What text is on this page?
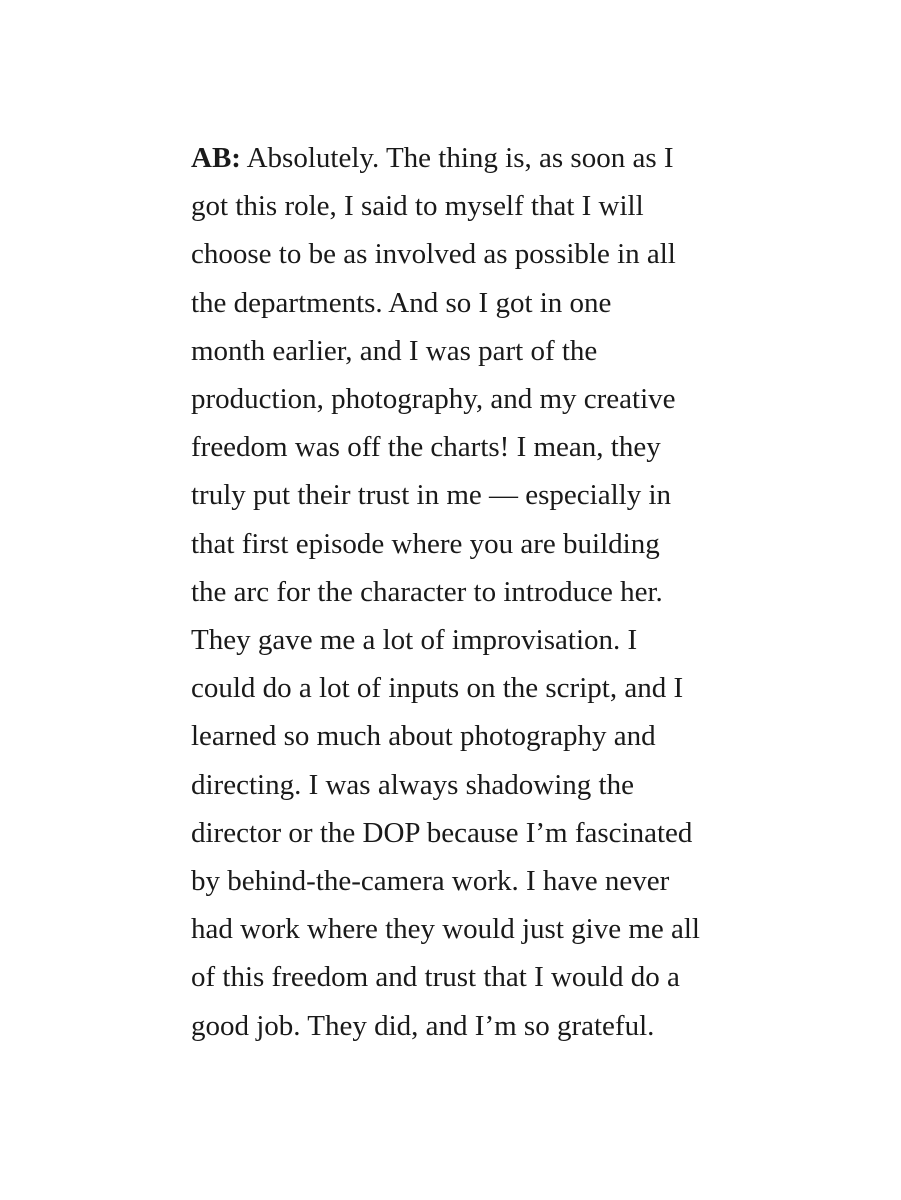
AB: Absolutely. The thing is, as soon as I
got this role, I said to myself that I will
choose to be as involved as possible in all
the departments. And so I got in one
month earlier, and I was part of the
production, photography, and my creative
freedom was off the charts! I mean, they
truly put their trust in me — especially in
that first episode where you are building
the arc for the character to introduce her.
They gave me a lot of improvisation. I
could do a lot of inputs on the script, and I
learned so much about photography and
directing. I was always shadowing the
director or the DOP because I’m fascinated
by behind-the-camera work. I have never
had work where they would just give me all
of this freedom and trust that I would do a
good job. They did, and I’m so grateful.
